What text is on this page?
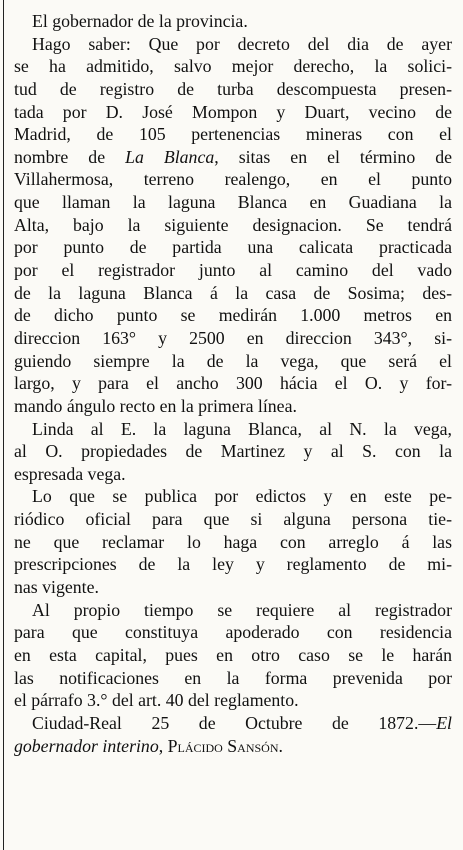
El gobernador de la provincia.
Hago saber: Que por decreto del dia de ayer
se ha admitido, salvo mejor derecho, la solici-
tud de registro de turba descompuesta presen-
tada por D. José Mompon y Duart, vecino de
Madrid, de 105 pertenencias mineras con el
nombre de La Blanca, sitas en el término de
Villahermosa, terreno realengo, en el punto
que llaman la laguna Blanca en Guadiana la
Alta, bajo la siguiente designacion. Se tendrá
por punto de partida una calicata practicada
por el registrador junto al camino del vado
de la laguna Blanca á la casa de Sosima; des-
de dicho punto se medirán 1.000 metros en
direccion 163° y 2500 en direccion 343°, si-
guiendo siempre la de la vega, que será el
largo, y para el ancho 300 hácia el O. y for-
mando ángulo recto en la primera línea.
Linda al E. la laguna Blanca, al N. la vega,
al O. propiedades de Martinez y al S. con la
espresada vega.
Lo que se publica por edictos y en este pe-
riódico oficial para que si alguna persona tie-
ne que reclamar lo haga con arreglo á las
prescripciones de la ley y reglamento de mi-
nas vigente.
Al propio tiempo se requiere al registrador
para que constituya apoderado con residencia
en esta capital, pues en otro caso se le harán
las notificaciones en la forma prevenida por
el párrafo 3.° del art. 40 del reglamento.
Ciudad-Real 25 de Octubre de 1872.—El
gobernador interino, Plácido Sansón.
